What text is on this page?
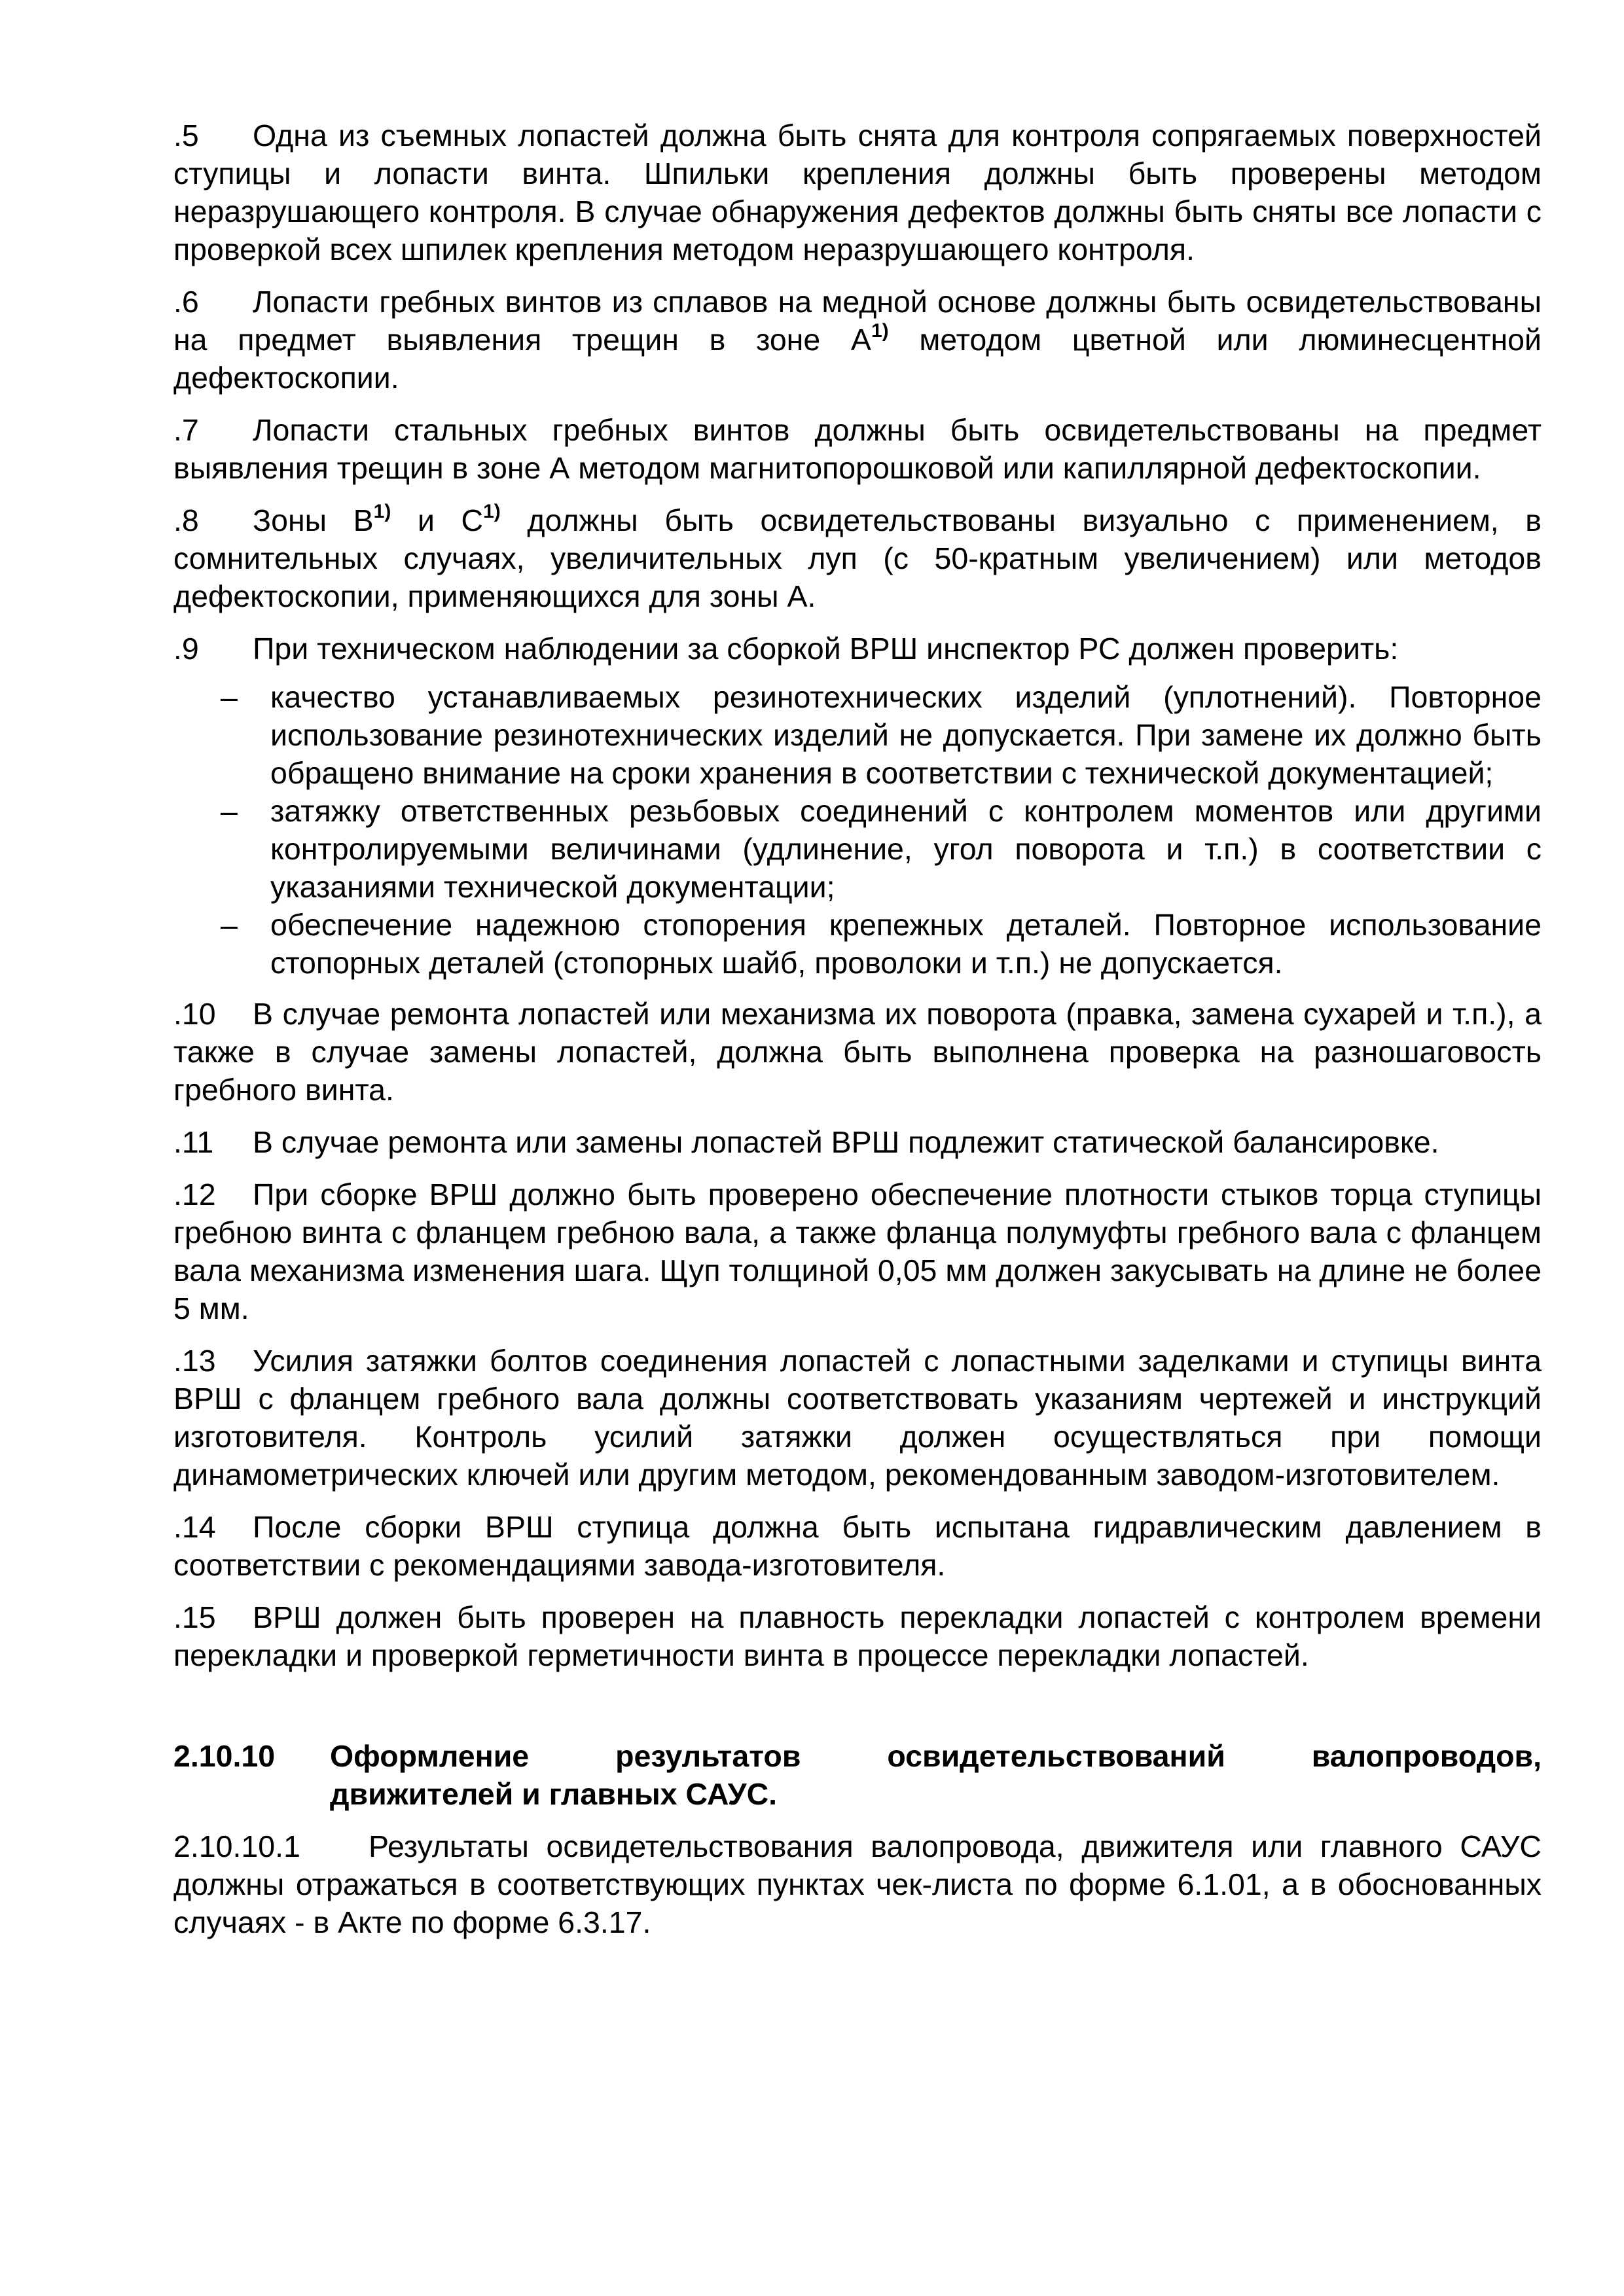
.5 Одна из съемных лопастей должна быть снята для контроля сопрягаемых поверхностей ступицы и лопасти винта. Шпильки крепления должны быть проверены методом неразрушающего контроля. В случае обнаружения дефектов должны быть сняты все лопасти с проверкой всех шпилек крепления методом неразрушающего контроля.

.6 Лопасти гребных винтов из сплавов на медной основе должны быть освидетельствованы на предмет выявления трещин в зоне $А^{1)}$ методом цветной или люминесцентной дефектоскопии.

.7 Лопасти стальных гребных винтов должны быть освидетельствованы на предмет выявления трещин в зоне А методом магнитопорошковой или капиллярной дефектоскопии.

.8 Зоны $В^{1)}$ и $С^{1)}$ должны быть освидетельствованы визуально с применением, в сомнительных случаях, увеличительных луп (с 50-кратным увеличением) или методов дефектоскопии, применяющихся для зоны А.

.9 При техническом наблюдении за сборкой ВРШ инспектор РС должен проверить:

– качество устанавливаемых резинотехнических изделий (уплотнений). Повторное использование резинотехнических изделий не допускается. При замене их должно быть обращено внимание на сроки хранения в соответствии с технической документацией;
– затяжку ответственных резьбовых соединений с контролем моментов или другими контролируемыми величинами (удлинение, угол поворота и т.п.) в соответствии с указаниями технической документации;
– обеспечение надежною стопорения крепежных деталей. Повторное использование стопорных деталей (стопорных шайб, проволоки и т.п.) не допускается.

.10 В случае ремонта лопастей или механизма их поворота (правка, замена сухарей и т.п.), а также в случае замены лопастей, должна быть выполнена проверка на разношаговость гребного винта.

.11 В случае ремонта или замены лопастей ВРШ подлежит статической балансировке.

.12 При сборке ВРШ должно быть проверено обеспечение плотности стыков торца ступицы гребною винта с фланцем гребною вала, а также фланца полумуфты гребного вала с фланцем вала механизма изменения шага. Щуп толщиной 0,05 мм должен закусывать на длине не более 5 мм.

.13 Усилия затяжки болтов соединения лопастей с лопастными заделками и ступицы винта ВРШ с фланцем гребного вала должны соответствовать указаниям чертежей и инструкций изготовителя. Контроль усилий затяжки должен осуществляться при помощи динамометрических ключей или другим методом, рекомендованным заводом-изготовителем.

.14 После сборки ВРШ ступица должна быть испытана гидравлическим давлением в соответствии с рекомендациями завода-изготовителя.

.15 ВРШ должен быть проверен на плавность перекладки лопастей с контролем времени перекладки и проверкой герметичности винта в процессе перекладки лопастей.

2.10.10	Оформление результатов освидетельствований валопроводов,
движителей и главных САУС.

2.10.10.1 Результаты освидетельствования валопровода, движителя или главного САУС должны отражаться в соответствующих пунктах чек-листа по форме 6.1.01, а в обоснованных случаях - в Акте по форме 6.3.17.
